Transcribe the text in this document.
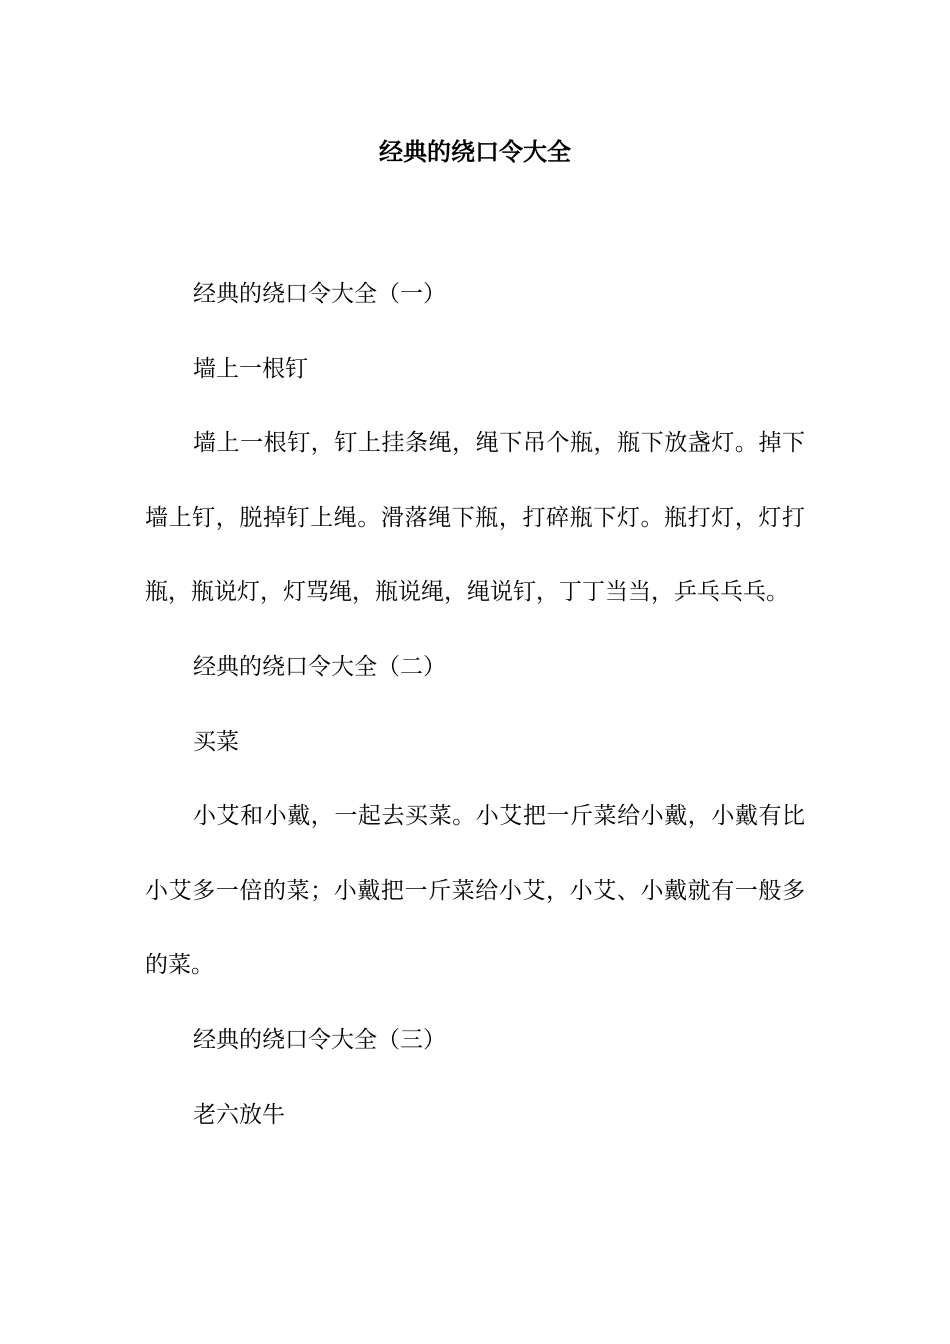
经典的绕口令大全

经典的绕口令大全（一）

墙上一根钉

墙上一根钉，钉上挂条绳，绳下吊个瓶，瓶下放盏灯。掉下墙上钉，脱掉钉上绳。滑落绳下瓶，打碎瓶下灯。瓶打灯，灯打瓶，瓶说灯，灯骂绳，瓶说绳，绳说钉，丁丁当当，乒乓乓乓。

经典的绕口令大全（二）

买菜

小艾和小戴，一起去买菜。小艾把一斤菜给小戴，小戴有比小艾多一倍的菜；小戴把一斤菜给小艾，小艾、小戴就有一般多的菜。

经典的绕口令大全（三）

老六放牛
